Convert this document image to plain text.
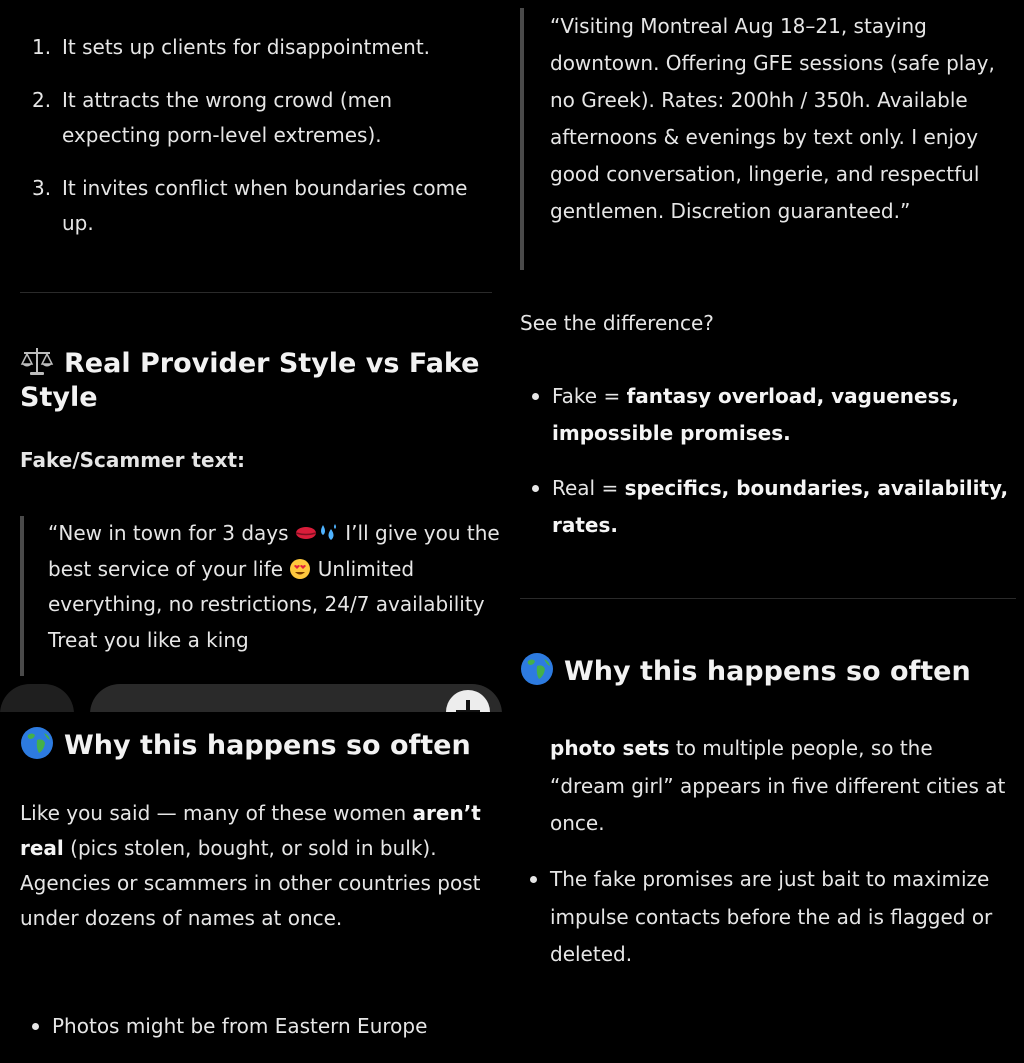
1. It sets up clients for disappointment.
2. It attracts the wrong crowd (men expecting porn-level extremes).
3. It invites conflict when boundaries come up.
Real Provider Style vs Fake Style
Fake/Scammer text:

“New in town for 3 days	I’ll give you the best service of your life Unlimited everything, no restrictions, 24/7 availability Treat you like a king

Why this happens so often

Like you said — many of these women aren’t real (pics stolen, bought, or sold in bulk). Agencies or scammers in other countries post under dozens of names at once.

Photos might be from Eastern Europe

“Visiting Montreal Aug 18–21, staying downtown. Offering GFE sessions (safe play, no Greek). Rates: 200hh / 350h. Available afternoons & evenings by text only. I enjoy good conversation, lingerie, and respectful gentlemen. Discretion guaranteed.”

See the difference?

Fake = fantasy overload, vagueness, impossible promises.
Real = specifics, boundaries, availability, rates.
Why this happens so often

photo sets to multiple people, so the “dream girl” appears in five different cities at once.

The fake promises are just bait to maximize impulse contacts before the ad is flagged or deleted.
